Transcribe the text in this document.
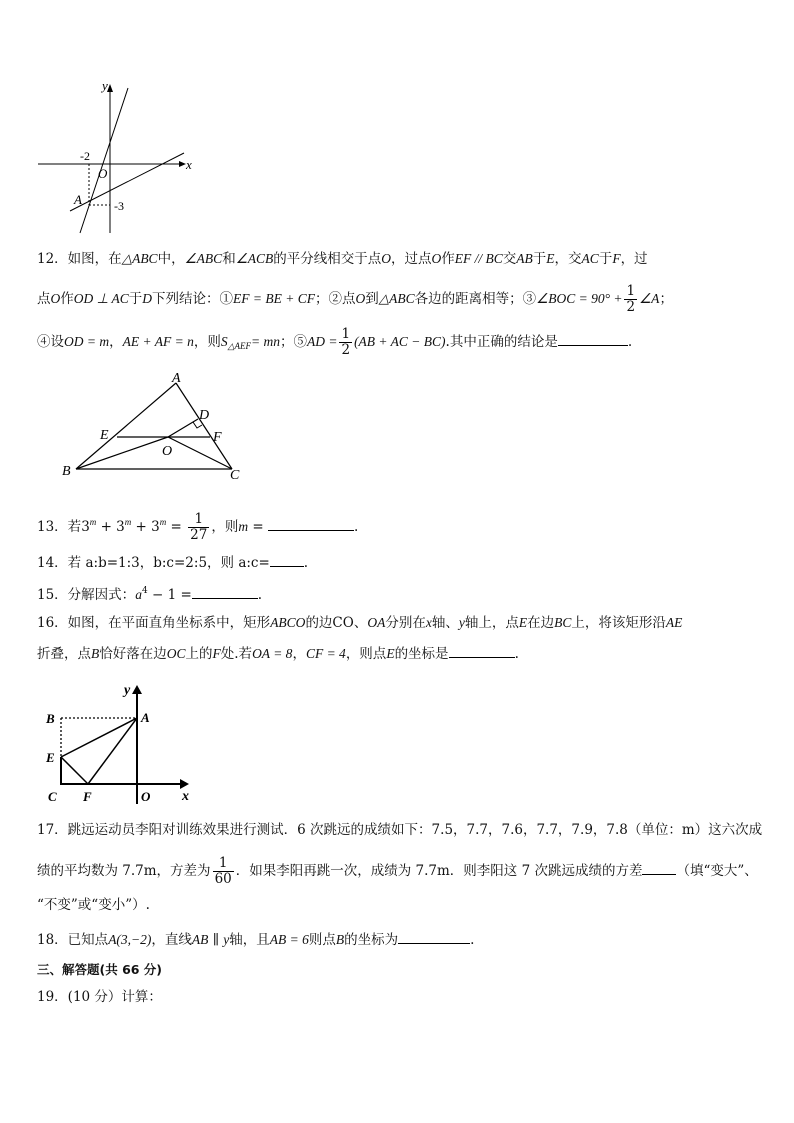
y
x
O
A
-2
-3
12．如图，在△ABC中，∠ABC和∠ACB的平分线相交于点O，过点O作EF // BC交AB于E，交AC于F，过
点O作OD ⊥ AC于D下列结论：①EF = BE + CF；②点O到△ABC各边的距离相等；③∠BOC = $90^\circ + \frac{1}{2}$ ∠A；
④设OD = m，AE + AF = n，则$S_{\triangle AEF}=$ mn；⑤AD = $\frac{1}{2} (AB$ + AC − BC).其中正确的结论是	.
A
B	C
D
E	F
O
13．若$3^m + 3^m + 3^m = \frac{1}{27}$ ，则m =	.
14．若 a:b=1:3，b:c=2:5，则 a:c=	.
15．分解因式：$a^4 - 1$ =	.
16．如图，在平面直角坐标系中，矩形ABCO的边CO、OA分别在x轴、y轴上，点E在边BC上，将该矩形沿AE
折叠，点B恰好落在边OC上的F处.若OA = 8，CF = 4，则点E的坐标是	.
y
x
A
B
E
C F	O
17．跳远运动员李阳对训练效果进行测试．6 次跳远的成绩如下：7.5，7.7，7.6，7.7，7.9，7.8（单位：m）这六次成
绩的平均数为 7.7m，方差为 $\frac{1}{60}$ ．如果李阳再跳一次，成绩为 7.7m．则李阳这 7 次跳远成绩的方差	（填“变大”、
“不变”或“变小”）.
18．已知点A(3,−2)，直线AB ∥ y轴，且AB = 6则点B的坐标为	.
三、解答题(共 66 分)
19．(10 分）计算：
